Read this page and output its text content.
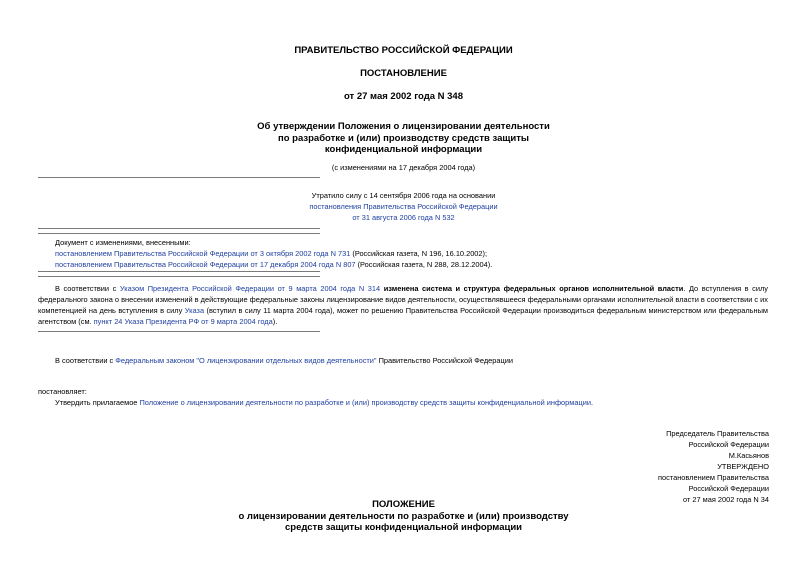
ПРАВИТЕЛЬСТВО РОССИЙСКОЙ ФЕДЕРАЦИИ
ПОСТАНОВЛЕНИЕ
от 27 мая 2002 года N 348
Об утверждении Положения о лицензировании деятельности
по разработке и (или) производству средств защиты
конфиденциальной информации
(с изменениями на 17 декабря 2004 года)
Утратило силу с 14 сентября 2006 года на основании
постановления Правительства Российской Федерации
от 31 августа 2006 года N 532
Документ с изменениями, внесенными:
постановлением Правительства Российской Федерации от 3 октября 2002 года N 731 (Российская газета, N 196, 16.10.2002);
постановлением Правительства Российской Федерации от 17 декабря 2004 года N 807 (Российская газета, N 288, 28.12.2004).
В соответствии с Указом Президента Российской Федерации от 9 марта 2004 года N 314 изменена система и структура федеральных органов исполнительной власти. До вступления в силу федерального закона о внесении изменений в действующие федеральные законы лицензирование видов деятельности, осуществлявшееся федеральными органами исполнительной власти в соответствии с их компетенцией на день вступления в силу Указа (вступил в силу 11 марта 2004 года), может по решению Правительства Российской Федерации производиться федеральным министерством или федеральным агентством (см. пункт 24 Указа Президента РФ от 9 марта 2004 года).
В соответствии с Федеральным законом "О лицензировании отдельных видов деятельности" Правительство Российской Федерации
постановляет:
Утвердить прилагаемое Положение о лицензировании деятельности по разработке и (или) производству средств защиты конфиденциальной информации.
Председатель Правительства
Российской Федерации
М.Касьянов
УТВЕРЖДЕНО
постановлением Правительства
Российской Федерации
от 27 мая 2002 года N 34
ПОЛОЖЕНИЕ
о лицензировании деятельности по разработке и (или) производству
средств защиты конфиденциальной информации
